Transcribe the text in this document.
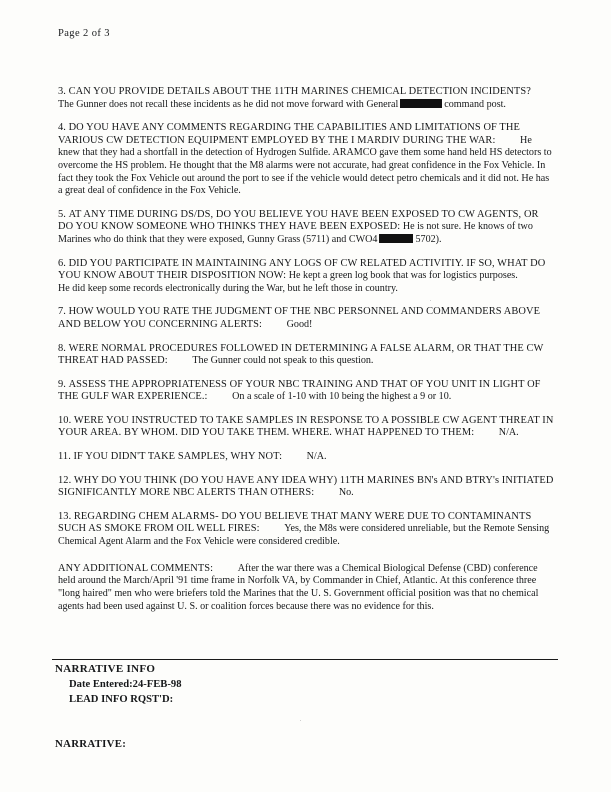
Page 2 of 3
3. CAN YOU PROVIDE DETAILS ABOUT THE 11TH MARINES CHEMICAL DETECTION INCIDENTS?
The Gunner does not recall these incidents as he did not move forward with General	command post.
4. DO YOU HAVE ANY COMMENTS REGARDING THE CAPABILITIES AND LIMITATIONS OF THE VARIOUS CW DETECTION EQUIPMENT EMPLOYED BY THE I MARDIV DURING THE WAR: He knew that they had a shortfall in the detection of Hydrogen Sulfide. ARAMCO gave them some hand held HS detectors to overcome the HS problem. He thought that the M8 alarms were not accurate, had great confidence in the Fox Vehicle. In fact they took the Fox Vehicle out around the port to see if the vehicle would detect petro chemicals and it did not. He has a great deal of confidence in the Fox Vehicle.
5. AT ANY TIME DURING DS/DS, DO YOU BELIEVE YOU HAVE BEEN EXPOSED TO CW AGENTS, OR DO YOU KNOW SOMEONE WHO THINKS THEY HAVE BEEN EXPOSED: He is not sure. He knows of two Marines who do think that they were exposed, Gunny Grass (5711) and CWO4	5702).
6. DID YOU PARTICIPATE IN MAINTAINING ANY LOGS OF CW RELATED ACTIVITIY. IF SO, WHAT DO YOU KNOW ABOUT THEIR DISPOSITION NOW: He kept a green log book that was for logistics purposes.
He did keep some records electronically during the War, but he left those in country.
7. HOW WOULD YOU RATE THE JUDGMENT OF THE NBC PERSONNEL AND COMMANDERS ABOVE AND BELOW YOU CONCERNING ALERTS: Good!
8. WERE NORMAL PROCEDURES FOLLOWED IN DETERMINING A FALSE ALARM, OR THAT THE CW THREAT HAD PASSED: The Gunner could not speak to this question.
9. ASSESS THE APPROPRIATENESS OF YOUR NBC TRAINING AND THAT OF YOU UNIT IN LIGHT OF THE GULF WAR EXPERIENCE.: On a scale of 1-10 with 10 being the highest a 9 or 10.
10. WERE YOU INSTRUCTED TO TAKE SAMPLES IN RESPONSE TO A POSSIBLE CW AGENT THREAT IN YOUR AREA. BY WHOM. DID YOU TAKE THEM. WHERE. WHAT HAPPENED TO THEM: N/A.
11. IF YOU DIDN'T TAKE SAMPLES, WHY NOT: N/A.
12. WHY DO YOU THINK (DO YOU HAVE ANY IDEA WHY) 11TH MARINES BN's AND BTRY's INITIATED SIGNIFICANTLY MORE NBC ALERTS THAN OTHERS: No.
13. REGARDING CHEM ALARMS- DO YOU BELIEVE THAT MANY WERE DUE TO CONTAMINANTS SUCH AS SMOKE FROM OIL WELL FIRES: Yes, the M8s were considered unreliable, but the Remote Sensing Chemical Agent Alarm and the Fox Vehicle were considered credible.
ANY ADDITIONAL COMMENTS: After the war there was a Chemical Biological Defense (CBD) conference held around the March/April '91 time frame in Norfolk VA, by Commander in Chief, Atlantic. At this conference three "long haired" men who were briefers told the Marines that the U. S. Government official position was that no chemical agents had been used against U. S. or coalition forces because there was no evidence for this.
NARRATIVE INFO
Date Entered:24-FEB-98
LEAD INFO RQST'D:
NARRATIVE:
